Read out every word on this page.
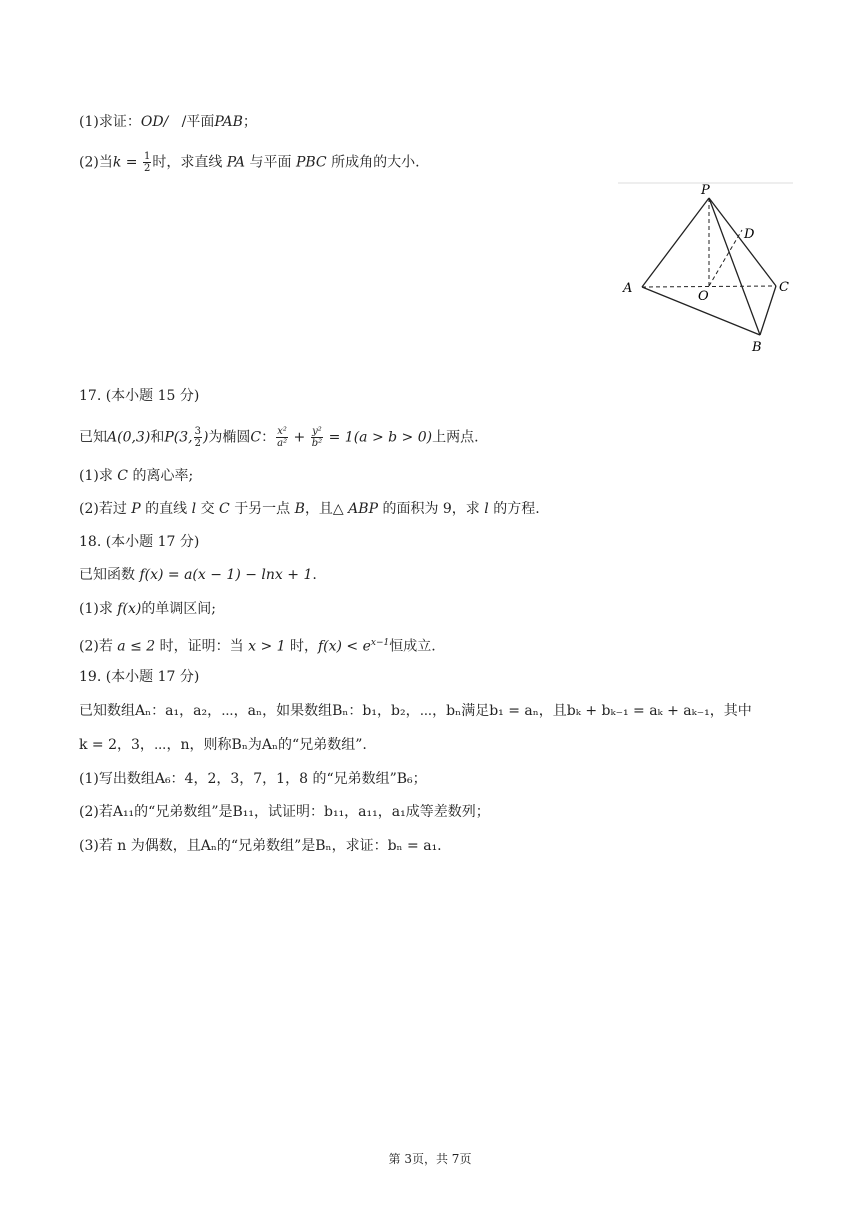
(1)求证：OD/ /平面PAB；
(2)当$k = \frac{1}{2}$ 时，求直线 PA 与平面 PBC 所成角的大小.
P
D
A
O
C
B
17. (本小题 15 分)
已知A(0,3)和P(3, $\frac{3}{2}$ )为椭圆C： $\frac{\text{x²}}{\text{a²}} + \frac{\text{y²}}{\text{b²}} = 1(a > b > 0)$上两点.
(1)求 C 的离心率;
(2)若过 P 的直线 l 交 C 于另一点 B，且△ ABP 的面积为 9，求 l 的方程.
18. (本小题 17 分)
已知函数 f(x) = a(x − 1) − lnx + 1.
(1)求 f(x)的单调区间;
(2)若 a ≤ 2 时，证明：当 x > 1 时，$f(x) < e^{x-1}$恒成立.
19. (本小题 17 分)
已知数组Aₙ：a₁，a₂，⋯，aₙ，如果数组Bₙ：b₁，b₂，⋯，bₙ满足b₁ = aₙ，且bₖ + bₖ₋₁ = aₖ + aₖ₋₁，其中
k = 2，3，⋯，n，则称Bₙ为Aₙ的“兄弟数组”.
(1)写出数组A₆：4，2，3，7，1，8 的“兄弟数组”B₆；
(2)若A₁₁的“兄弟数组”是B₁₁，试证明：b₁₁，a₁₁，a₁成等差数列；
(3)若 n 为偶数，且Aₙ的“兄弟数组”是Bₙ，求证：bₙ = a₁.
第 3页，共 7页
